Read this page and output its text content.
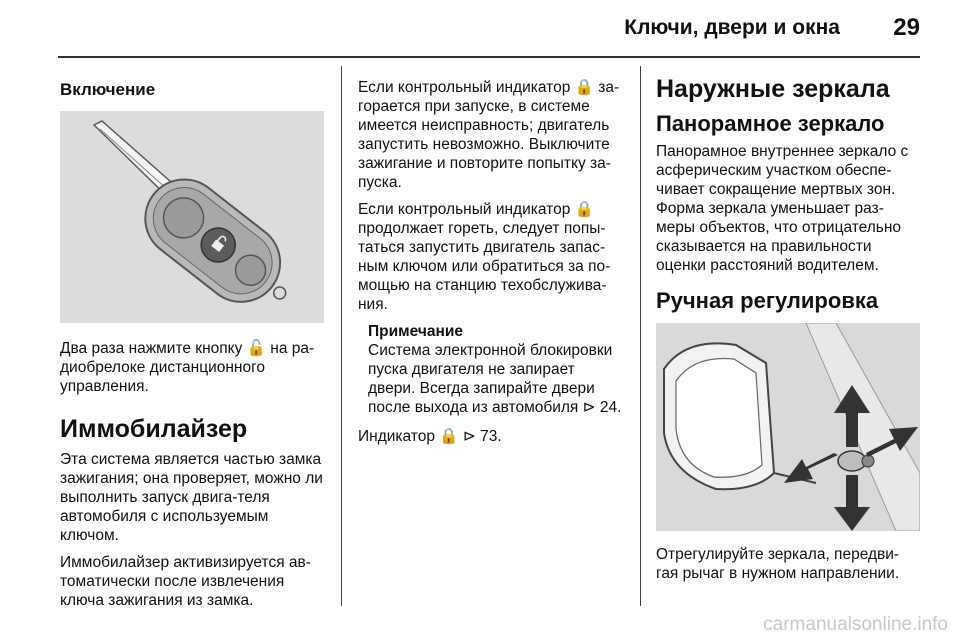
Ключи, двери и окна 29
Включение

Два раза нажмите кнопку 🔓 на ра-диобрелоке дистанционного управления.

Иммобилайзер

Эта система является частью замка зажигания; она проверяет, можно ли выполнить запуск двига-теля автомобиля с используемым ключом.

Иммобилайзер активизируется ав-томатически после извлечения ключа зажигания из замка.

Если контрольный индикатор 🔒 за-горается при запуске, в системе имеется неисправность; двигатель запустить невозможно. Выключите зажигание и повторите попытку за-пуска.

Если контрольный индикатор 🔒 продолжает гореть, следует попы-таться запустить двигатель запас-ным ключом или обратиться за по-мощью на станцию техобслужива-ния.

Примечание
Система электронной блокировки пуска двигателя не запирает двери. Всегда запирайте двери после выхода из автомобиля ⊳ 24.

Индикатор 🔒 ⊳ 73.

Наружные зеркала
Панорамное зеркало

Панорамное внутреннее зеркало с асферическим участком обеспе-чивает сокращение мертвых зон. Форма зеркала уменьшает раз-меры объектов, что отрицательно сказывается на правильности оценки расстояний водителем.

Ручная регулировка

Отрегулируйте зеркала, передви-гая рычаг в нужном направлении.

carmanualsonline.info
